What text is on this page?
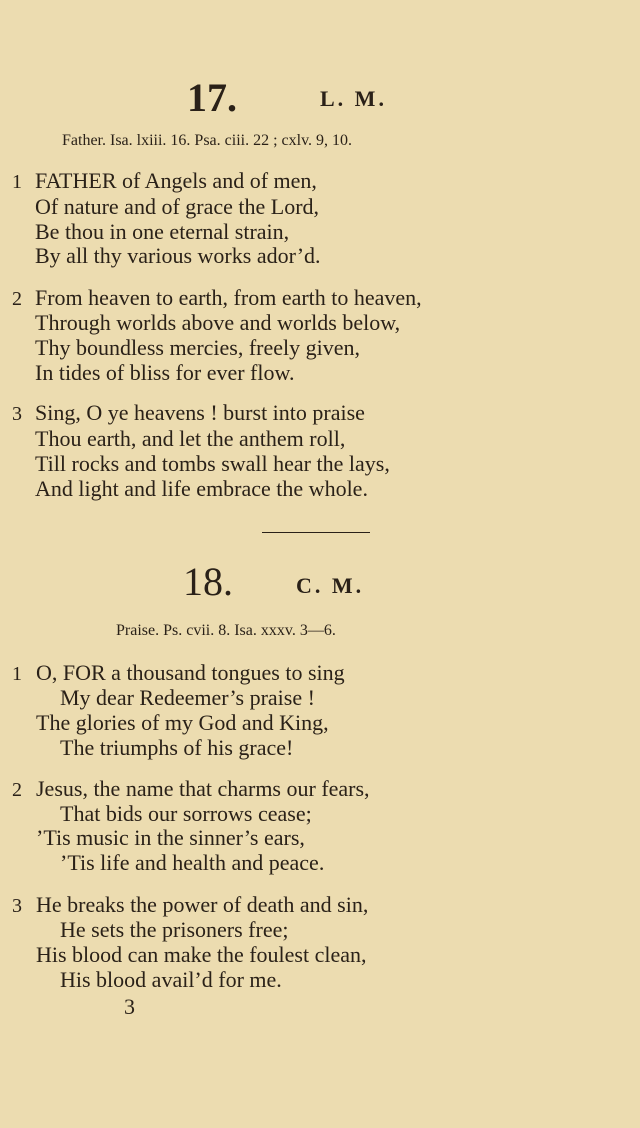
17.	L. M.
Father. Isa. lxiii. 16. Psa. ciii. 22 ; cxlv. 9, 10.
1 FATHER of Angels and of men,
Of nature and of grace the Lord,
Be thou in one eternal strain,
By all thy various works ador’d.
2 From heaven to earth, from earth to heaven,
Through worlds above and worlds below,
Thy boundless mercies, freely given,
In tides of bliss for ever flow.
3 Sing, O ye heavens ! burst into praise
Thou earth, and let the anthem roll,
Till rocks and tombs swall hear the lays,
And light and life embrace the whole.
18.	C. M.
Praise. Ps. cvii. 8. Isa. xxxv. 3—6.
1 O, FOR a thousand tongues to sing
My dear Redeemer’s praise !
The glories of my God and King,
The triumphs of his grace!
2 Jesus, the name that charms our fears,
That bids our sorrows cease;
’Tis music in the sinner’s ears,
’Tis life and health and peace.
3 He breaks the power of death and sin,
He sets the prisoners free;
His blood can make the foulest clean,
His blood avail’d for me.
3
